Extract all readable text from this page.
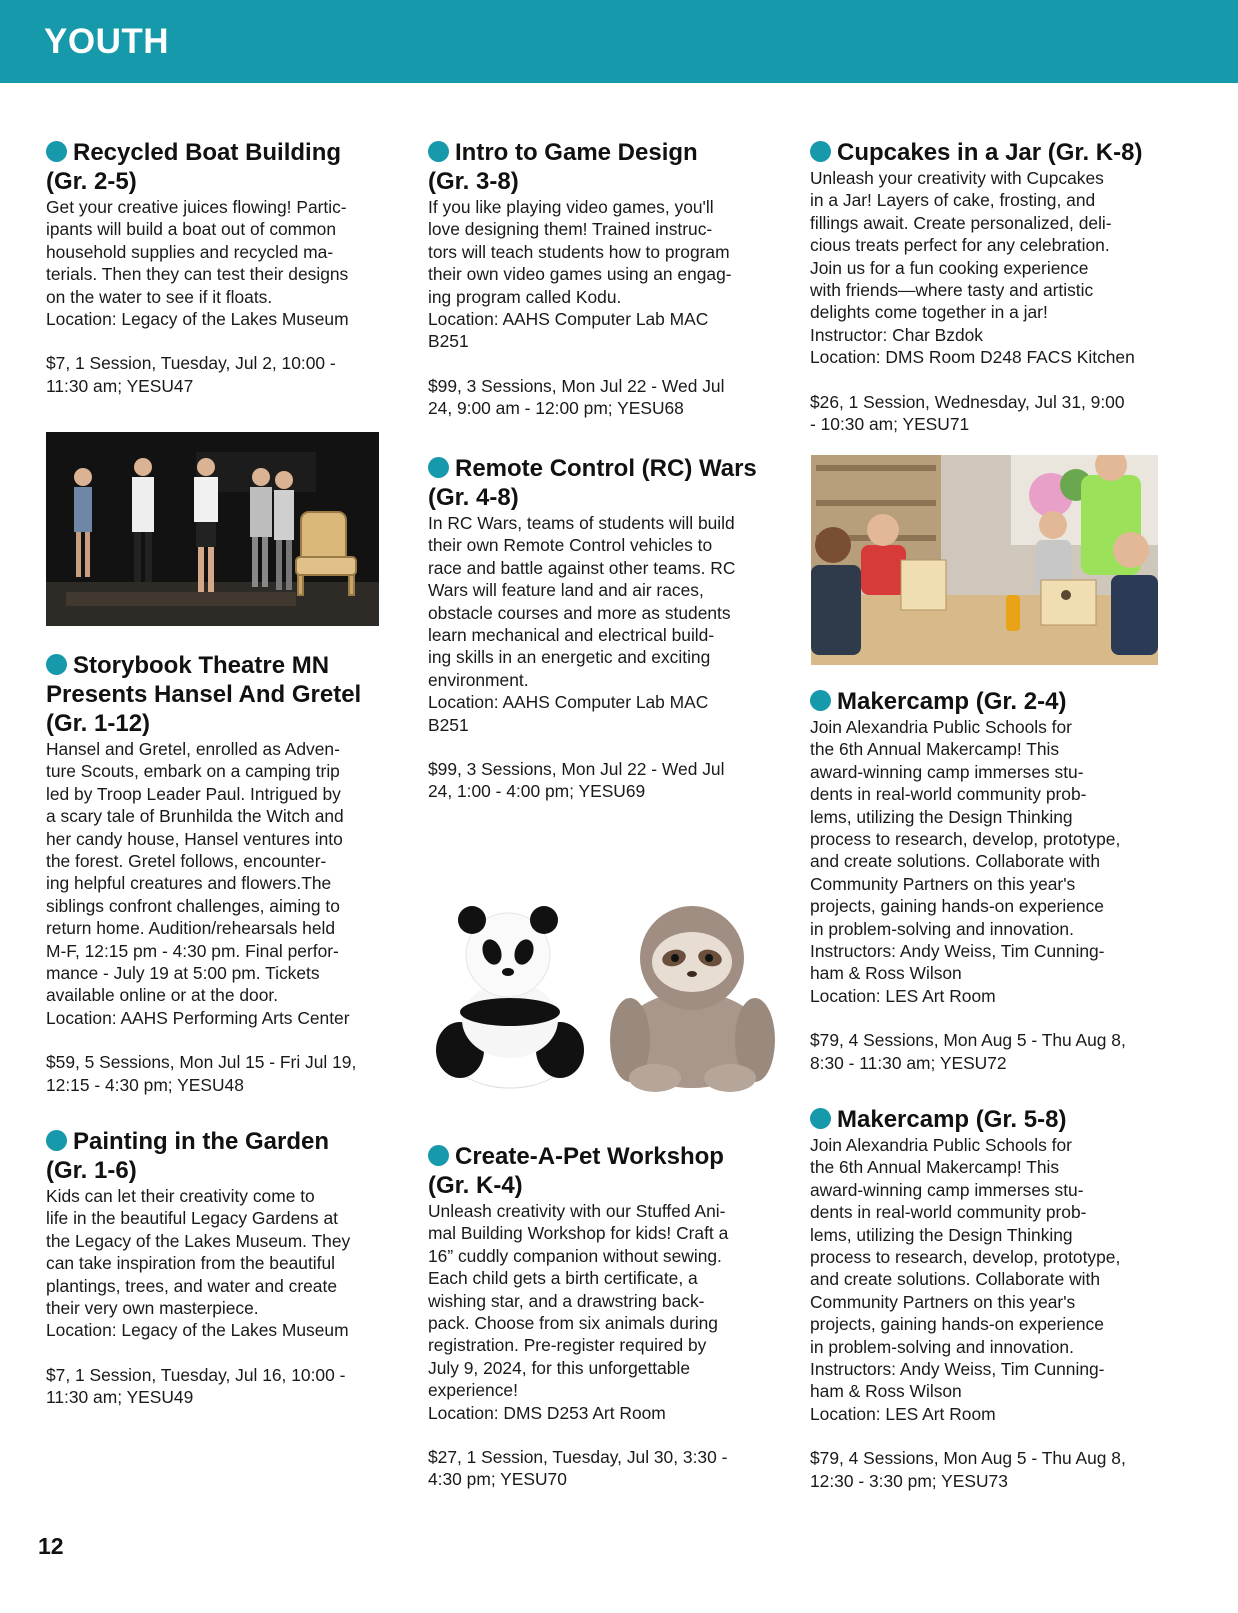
YOUTH
Recycled Boat Building
(Gr. 2-5)
Get your creative juices flowing! Partic-
ipants will build a boat out of common
household supplies and recycled ma-
terials. Then they can test their designs
on the water to see if it floats.
Location: Legacy of the Lakes Museum
$7, 1 Session, Tuesday, Jul 2, 10:00 -
11:30 am; YESU47
Storybook Theatre MN
Presents Hansel And Gretel
(Gr. 1-12)
Hansel and Gretel, enrolled as Adven-
ture Scouts, embark on a camping trip
led by Troop Leader Paul. Intrigued by
a scary tale of Brunhilda the Witch and
her candy house, Hansel ventures into
the forest. Gretel follows, encounter-
ing helpful creatures and flowers.The
siblings confront challenges, aiming to
return home. Audition/rehearsals held
M-F, 12:15 pm - 4:30 pm. Final perfor-
mance - July 19 at 5:00 pm. Tickets
available online or at the door.
Location: AAHS Performing Arts Center
$59, 5 Sessions, Mon Jul 15 - Fri Jul 19,
12:15 - 4:30 pm; YESU48
Painting in the Garden
(Gr. 1-6)
Kids can let their creativity come to
life in the beautiful Legacy Gardens at
the Legacy of the Lakes Museum. They
can take inspiration from the beautiful
plantings, trees, and water and create
their very own masterpiece.
Location: Legacy of the Lakes Museum
$7, 1 Session, Tuesday, Jul 16, 10:00 -
11:30 am; YESU49
Intro to Game Design
(Gr. 3-8)
If you like playing video games, you'll
love designing them! Trained instruc-
tors will teach students how to program
their own video games using an engag-
ing program called Kodu.
Location: AAHS Computer Lab MAC
B251
$99, 3 Sessions, Mon Jul 22 - Wed Jul
24, 9:00 am - 12:00 pm; YESU68
Remote Control (RC) Wars
(Gr. 4-8)
In RC Wars, teams of students will build
their own Remote Control vehicles to
race and battle against other teams. RC
Wars will feature land and air races,
obstacle courses and more as students
learn mechanical and electrical build-
ing skills in an energetic and exciting
environment.
Location: AAHS Computer Lab MAC
B251
$99, 3 Sessions, Mon Jul 22 - Wed Jul
24, 1:00 - 4:00 pm; YESU69
Create-A-Pet Workshop
(Gr. K-4)
Unleash creativity with our Stuffed Ani-
mal Building Workshop for kids! Craft a
16” cuddly companion without sewing.
Each child gets a birth certificate, a
wishing star, and a drawstring back-
pack. Choose from six animals during
registration. Pre-register required by
July 9, 2024, for this unforgettable
experience!
Location: DMS D253 Art Room
$27, 1 Session, Tuesday, Jul 30, 3:30 -
4:30 pm; YESU70
Cupcakes in a Jar (Gr. K-8)
Unleash your creativity with Cupcakes
in a Jar! Layers of cake, frosting, and
fillings await. Create personalized, deli-
cious treats perfect for any celebration.
Join us for a fun cooking experience
with friends—where tasty and artistic
delights come together in a jar!
Instructor: Char Bzdok
Location: DMS Room D248 FACS Kitchen
$26, 1 Session, Wednesday, Jul 31, 9:00
- 10:30 am; YESU71
Makercamp (Gr. 2-4)
Join Alexandria Public Schools for
the 6th Annual Makercamp! This
award-winning camp immerses stu-
dents in real-world community prob-
lems, utilizing the Design Thinking
process to research, develop, prototype,
and create solutions. Collaborate with
Community Partners on this year's
projects, gaining hands-on experience
in problem-solving and innovation.
Instructors: Andy Weiss, Tim Cunning-
ham & Ross Wilson
Location: LES Art Room
$79, 4 Sessions, Mon Aug 5 - Thu Aug 8,
8:30 - 11:30 am; YESU72
Makercamp (Gr. 5-8)
Join Alexandria Public Schools for
the 6th Annual Makercamp! This
award-winning camp immerses stu-
dents in real-world community prob-
lems, utilizing the Design Thinking
process to research, develop, prototype,
and create solutions. Collaborate with
Community Partners on this year's
projects, gaining hands-on experience
in problem-solving and innovation.
Instructors: Andy Weiss, Tim Cunning-
ham & Ross Wilson
Location: LES Art Room
$79, 4 Sessions, Mon Aug 5 - Thu Aug 8,
12:30 - 3:30 pm; YESU73
12
